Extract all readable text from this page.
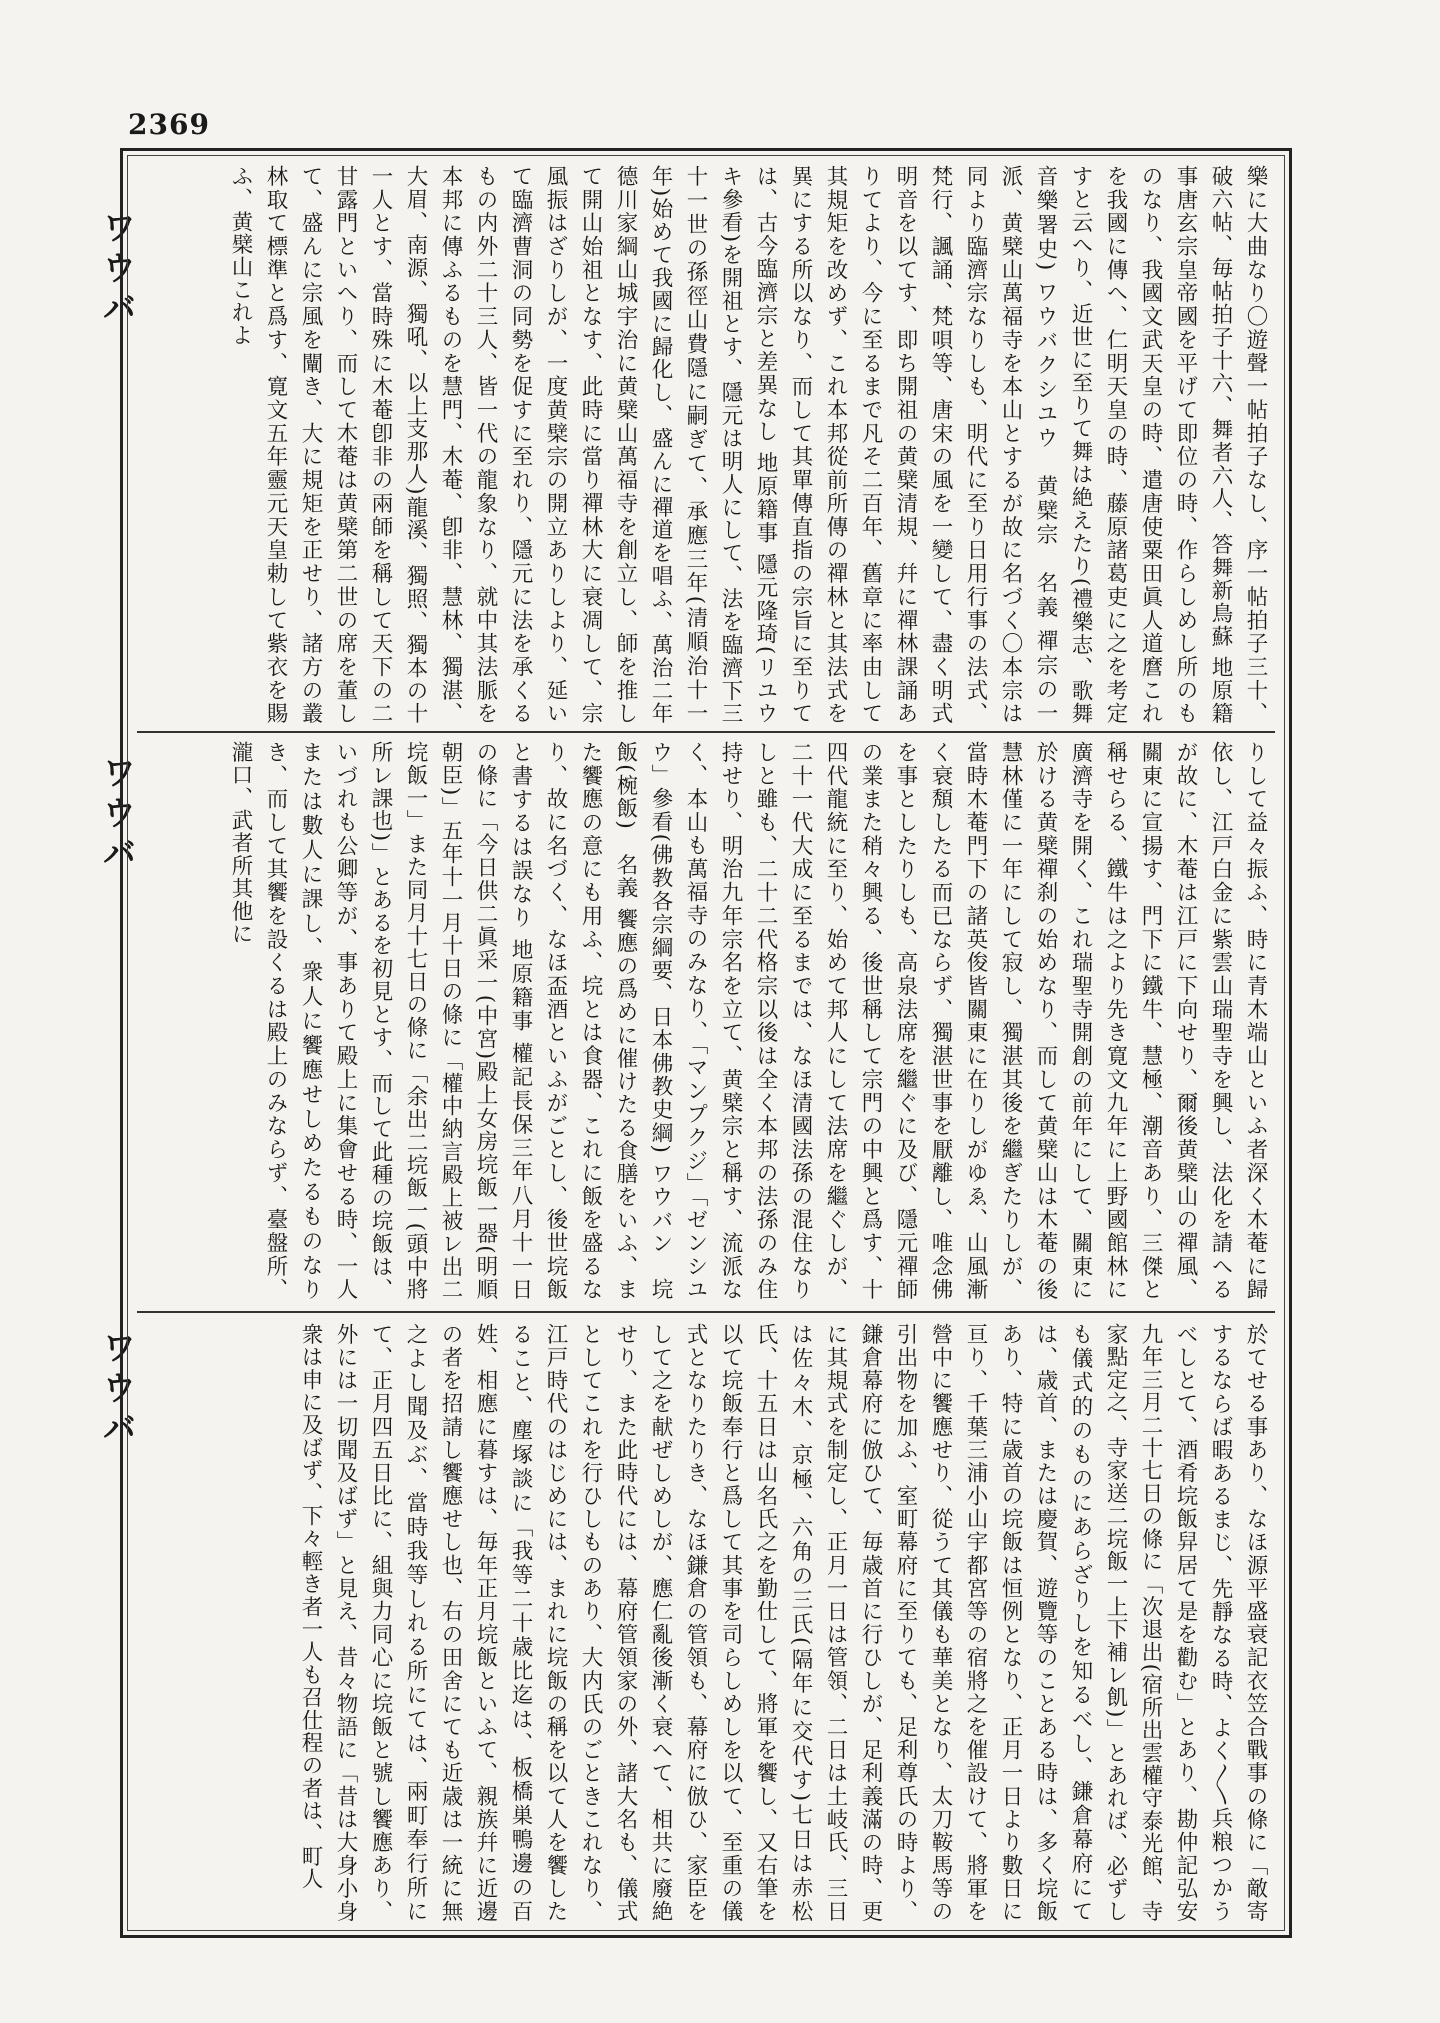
2369
ワウバ
ワウバ
ワウバ
樂に大曲なり〇遊聲一帖拍子なし、序一帖拍子三十、破六帖、毎帖拍子十六、舞者六人、答舞新鳥蘇 地原籍事唐玄宗皇帝國を平げて即位の時、作らしめし所のものなり、我國文武天皇の時、遣唐使粟田眞人道麿これを我國に傳へ、仁明天皇の時、藤原諸葛吏に之を考定すと云へり、近世に至りて舞は絶えたり(禮樂志、歌舞音樂署史) ワウバクシユウ　黄檗宗　名義 禪宗の一派、黄檗山萬福寺を本山とするが故に名づく〇本宗は同より臨濟宗なりしも、明代に至り日用行事の法式、梵行、諷誦、梵唄等、唐宋の風を一變して、盡く明式明音を以てす、即ち開祖の黄檗清規、幷に禪林課誦ありてより、今に至るまで凡そ二百年、舊章に率由して其規矩を改めず、これ本邦從前所傳の禪林と其法式を異にする所以なり、而して其單傳直指の宗旨に至りては、古今臨濟宗と差異なし 地原籍事 隱元隆琦(リユウキ參看)を開祖とす、隱元は明人にして、法を臨濟下三十一世の孫徑山費隱に嗣ぎて、承應三年(清順治十一年)始めて我國に歸化し、盛んに禪道を唱ふ、萬治二年德川家綱山城宇治に黄檗山萬福寺を創立し、師を推して開山始祖となす、此時に當り禪林大に衰凋して、宗風振はざりしが、一度黄檗宗の開立ありしより、延いて臨濟曹洞の同勢を促すに至れり、隱元に法を承くるもの内外二十三人、皆一代の龍象なり、就中其法脈を本邦に傳ふるものを慧門、木菴、卽非、慧林、獨湛、大眉、南源、獨吼、以上支那人)龍溪、獨照、獨本の十一人とす、當時殊に木菴卽非の兩師を稱して天下の二甘露門といへり、而して木菴は黄檗第二世の席を董して、盛んに宗風を闡き、大に規矩を正せり、諸方の叢林取て標準と爲す、寛文五年靈元天皇勅して紫衣を賜ふ、黄檗山これよ
りして益々振ふ、時に青木端山といふ者深く木菴に歸依し、江戸白金に紫雲山瑞聖寺を興し、法化を請へるが故に、木菴は江戸に下向せり、爾後黄檗山の禪風、關東に宣揚す、門下に鐵牛、慧極、潮音あり、三傑と稱せらる、鐵牛は之より先き寛文九年に上野國館林に廣濟寺を開く、これ瑞聖寺開創の前年にして、關東に於ける黄檗禪刹の始めなり、而して黄檗山は木菴の後慧林僅に一年にして寂し、獨湛其後を繼ぎたりしが、當時木菴門下の諸英俊皆關東に在りしがゆゑ、山風漸く衰頽したる而已ならず、獨湛世事を厭離し、唯念佛を事としたりしも、高泉法席を繼ぐに及び、隱元禪師の業また稍々興る、後世稱して宗門の中興と爲す、十四代龍統に至り、始めて邦人にして法席を繼ぐしが、二十一代大成に至るまでは、なほ清國法孫の混住なりしと雖も、二十二代格宗以後は全く本邦の法孫のみ住持せり、明治九年宗名を立て、黄檗宗と稱す、流派なく、本山も萬福寺のみなり、「マンプクジ」「ゼンシユウ」參看(佛教各宗綱要、日本佛教史綱) ワウバン　垸飯(椀飯)　名義 饗應の爲めに催けたる食膳をいふ、また饗應の意にも用ふ、垸とは食器、これに飯を盛るなり、故に名づく、なほ盃酒といふがごとし、後世垸飯と書するは誤なり 地原籍事 權記長保三年八月十一日の條に「今日供二眞采一(中宮)殿上女房垸飯一器(明順朝臣)」五年十一月十日の條に「權中納言殿上被レ出二垸飯一」また同月十七日の條に「余出二垸飯一(頭中將所レ課也)」とあるを初見とす、而して此種の垸飯は、いづれも公卿等が、事ありて殿上に集會せる時、一人または數人に課し、衆人に饗應せしめたるものなりき、而して其饗を設くるは殿上のみならず、臺盤所、瀧口、武者所其他に
於てせる事あり、なほ源平盛衰記衣笠合戰事の條に「敵寄するならば暇あるまじ、先靜なる時、よく〳〵兵粮つかうべしとて、酒肴垸飯舁居て是を勸む」とあり、勘仲記弘安九年三月二十七日の條に「次退出(宿所出雲權守泰光館、寺家點定之、寺家送二垸飯一上下補レ飢)」とあれば、必ずしも儀式的のものにあらざりしを知るべし、鎌倉幕府にては、歳首、または慶賀、遊覽等のことある時は、多く垸飯あり、特に歳首の垸飯は恒例となり、正月一日より數日に亘り、千葉三浦小山宇都宮等の宿將之を催設けて、將軍を營中に饗應せり、從うて其儀も華美となり、太刀鞍馬等の引出物を加ふ、室町幕府に至りても、足利尊氏の時より、鎌倉幕府に倣ひて、毎歳首に行ひしが、足利義滿の時、更に其規式を制定し、正月一日は管領、二日は土岐氏、三日は佐々木、京極、六角の三氏(隔年に交代す)七日は赤松氏、十五日は山名氏之を勤仕して、將軍を饗し、又右筆を以て垸飯奉行と爲して其事を司らしめしを以て、至重の儀式となりたりき、なほ鎌倉の管領も、幕府に倣ひ、家臣をして之を献ぜしめしが、應仁亂後漸く衰へて、相共に廢絶せり、また此時代には、幕府管領家の外、諸大名も、儀式としてこれを行ひしものあり、大内氏のごときこれなり、江戸時代のはじめには、まれに垸飯の稱を以て人を饗したること、塵塚談に「我等二十歳比迄は、板橋巣鴨邊の百姓、相應に暮すは、毎年正月垸飯といふて、親族幷に近邊の者を招請し饗應せし也、右の田舍にても近歳は一統に無之よし聞及ぶ、當時我等しれる所にては、兩町奉行所にて、正月四五日比に、組與力同心に垸飯と號し饗應あり、外には一切聞及ばず」と見え、昔々物語に「昔は大身小身衆は申に及ばず、下々輕き者一人も召仕程の者は、町人
